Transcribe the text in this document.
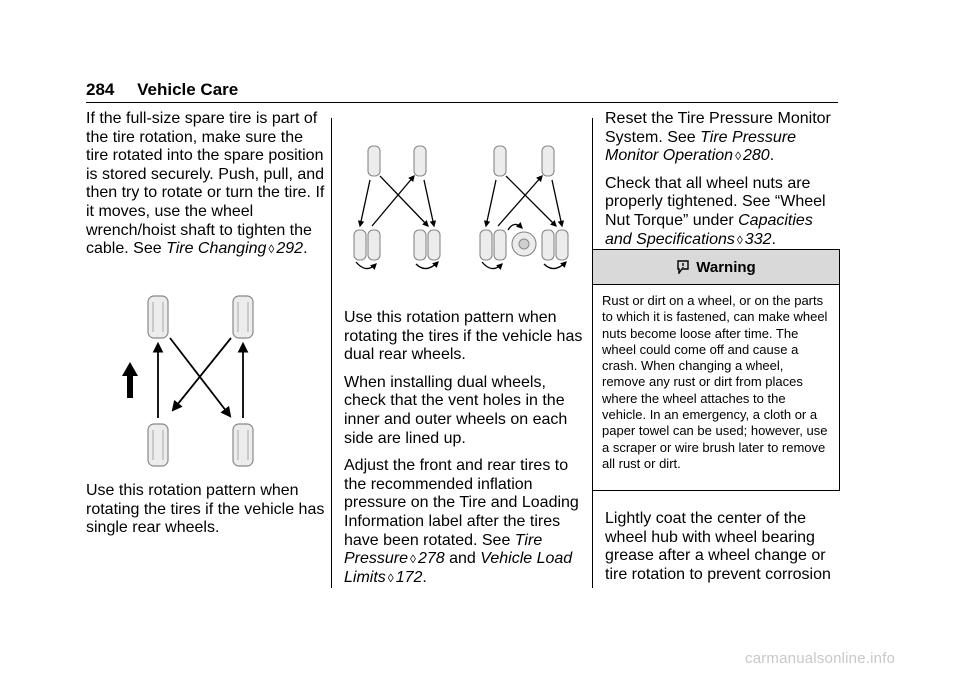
284 Vehicle Care

If the full-size spare tire is part of the tire rotation, make sure the tire rotated into the spare position is stored securely. Push, pull, and then try to rotate or turn the tire. If it moves, use the wheel wrench/hoist shaft to tighten the cable. See Tire Changing ◊ 292.

Use this rotation pattern when rotating the tires if the vehicle has single rear wheels.

Use this rotation pattern when rotating the tires if the vehicle has dual rear wheels.

When installing dual wheels, check that the vent holes in the inner and outer wheels on each side are lined up.

Adjust the front and rear tires to the recommended inflation pressure on the Tire and Loading Information label after the tires have been rotated. See Tire Pressure ◊ 278 and Vehicle Load Limits ◊ 172.

Reset the Tire Pressure Monitor System. See Tire Pressure Monitor Operation ◊ 280.

Check that all wheel nuts are properly tightened. See “Wheel Nut Torque” under Capacities and Specifications ◊ 332.

Warning
Rust or dirt on a wheel, or on the parts to which it is fastened, can make wheel nuts become loose after time. The wheel could come off and cause a crash. When changing a wheel, remove any rust or dirt from places where the wheel attaches to the vehicle. In an emergency, a cloth or a paper towel can be used; however, use a scraper or wire brush later to remove all rust or dirt.

Lightly coat the center of the wheel hub with wheel bearing grease after a wheel change or tire rotation to prevent corrosion

carmanualsonline.info
